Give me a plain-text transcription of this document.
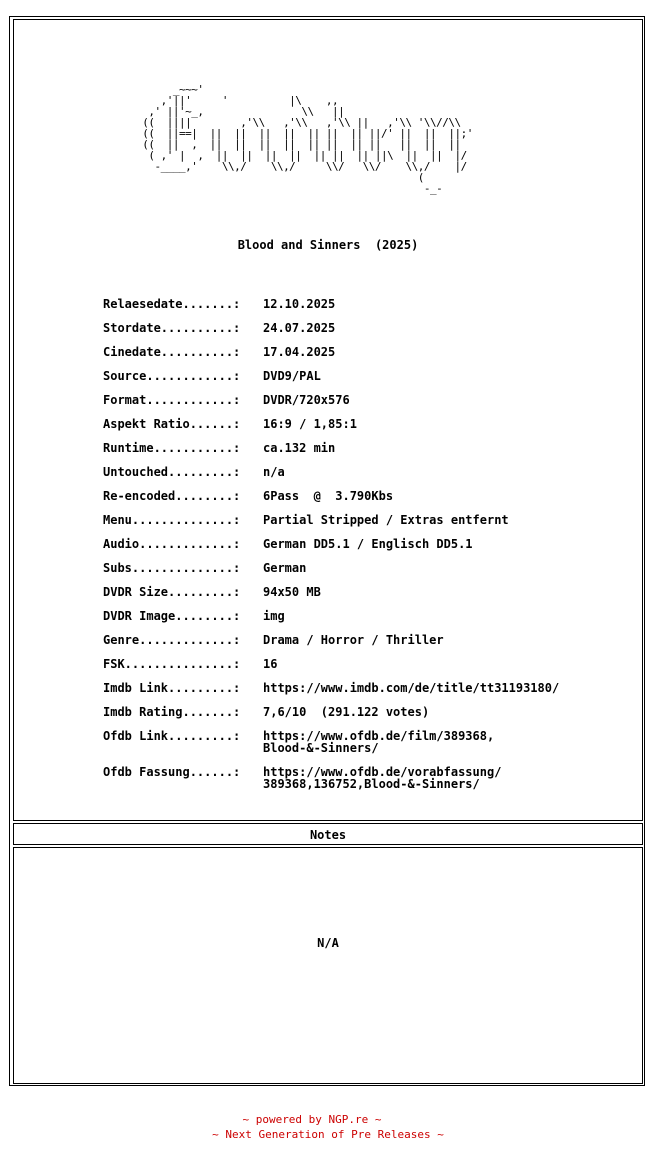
_~~~'
,'||'     '          |\    ,,
,' ||'~_,                \\   ||
((  ||||        ,'\\   ,'\\   ,'\\ ||   ,'\\ '\\//\\
((  ||==|  ||  ||  ||  ||  || ||  || ||/' ||  ||  ||;'
((  ||  ,  ||  ||  ||  ||  || ||  || ||   ||  ||  ||
( ,' |  ,  ||  ||  ||  ||  || ||  || ||\  ||  ||  |/
-____,'    \\,/    \\,/     \\/   \\/    \\,/    |/
(
-_-
Blood and Sinners  (2025)
Relaesedate.......:	12.10.2025
Stordate..........:	24.07.2025
Cinedate..........:	17.04.2025
Source............:	DVD9/PAL
Format............:	DVDR/720x576
Aspekt Ratio......:	16:9 / 1,85:1
Runtime...........:	ca.132 min
Untouched.........:	n/a
Re-encoded........:	6Pass  @  3.790Kbs
Menu..............:	Partial Stripped / Extras entfernt
Audio.............:	German DD5.1 / Englisch DD5.1
Subs..............:	German
DVDR Size.........:	94x50 MB
DVDR Image........:	img
Genre.............:	Drama / Horror / Thriller
FSK...............:	16
Imdb Link.........:	https://www.imdb.com/de/title/tt31193180/
Imdb Rating.......:	7,6/10  (291.122 votes)
Ofdb Link.........:	https://www.ofdb.de/film/389368,
Blood-&-Sinners/
Ofdb Fassung......:	https://www.ofdb.de/vorabfassung/
389368,136752,Blood-&-Sinners/
Notes
N/A
~ powered by NGP.re ~
~ Next Generation of Pre Releases ~
